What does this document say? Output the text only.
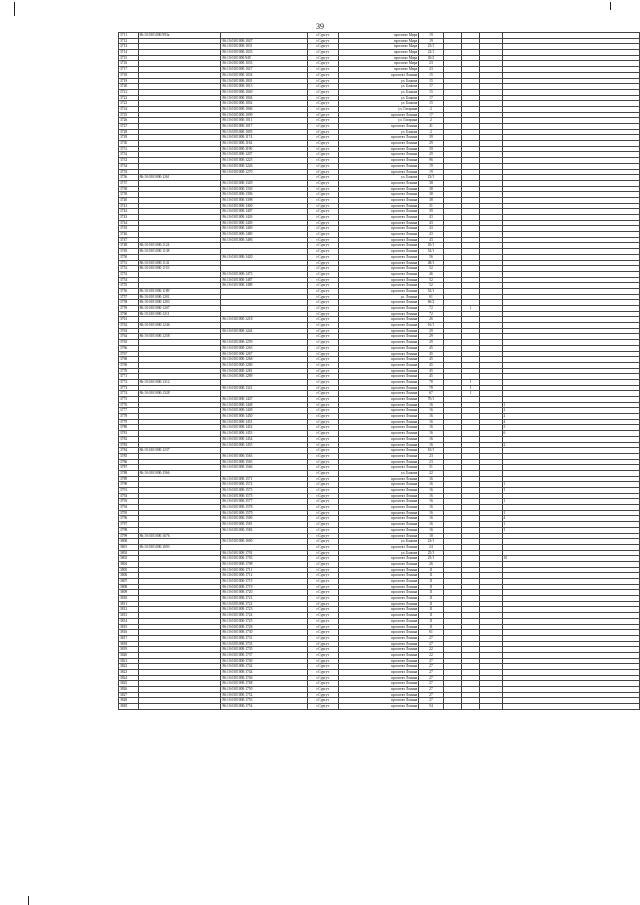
39
3711	86:10:0101000:993а		г.Сургут	проспект Мира	19				
3712		86:10:0101000:1047	г.Сургут	проспект Мира	19				
3713		86:10:0101000:1031	г.Сургут	проспект Мира	23/1				
3714		86:10:0101000:1033	г.Сургут	проспект Мира	23/1				
3715		86:10:0101000:949	г.Сургут	проспект Мира	45/2				
3716		86:10:0101000:1033	г.Сургут	проспект Мира	23				
3717		86:10:0101000:1027	г.Сургут	проспект Мира	23				
3718		86:10:0101000:1034	г.Сургут	проспект Ленина	15				
3719		86:10:0101000:1001	г.Сургут	ул. Бажова	15				
3720		86:10:0101000:1013	г.Сургут	ул. Бажова	17				
3721		86:10:0101000:1040	г.Сургут	ул. Бажова	15				
3722		86:10:0101000:1004	г.Сургут	ул. Бажова	17				
3723		86:10:0101000:1002	г.Сургут	ул. Бажова	15				
3724		86:10:0101000:1006	г.Сургут	ул. Гагарина	2				
3725		86:10:0101000:1009	г.Сургут	проспект Ленина	17				
3726		86:10:0101000:1011	г.Сургут	ул. Гагарина	2				
3727		86:10:0101000:1017	г.Сургут	проспект Ленина	41				
3728		86:10:0101000:1005	г.Сургут	ул. Бажова	2				
3729		86:10:0101000:1174	г.Сургут	проспект Ленина	39				
3730		86:10:0101000:1182	г.Сургут	проспект Ленина	29				
3731		86:10:0101000:1190	г.Сургут	проспект Ленина	39				
3732		86:10:0101000:1207	г.Сургут	проспект Ленина	29				
3733		86:10:0101000:1225	г.Сургут	проспект Ленина	96				
3734		86:10:0101000:1226	г.Сургут	проспект Ленина	19				
3735		86:10:0101000:1270	г.Сургут	проспект Ленина	19				
3736	86:10:0101000:1261		г.Сургут	ул. Бажова	23/1				
3737		86:10:0101000:1329	г.Сургут	проспект Ленина	38				
3738		86:10:0101000:1330	г.Сургут	проспект Ленина	38				
3739		86:10:0101000:1396	г.Сургут	проспект Ленина	38				
3740		86:10:0101000:1398	г.Сургут	проспект Ленина	38				
3741		86:10:0101000:1400	г.Сургут	проспект Ленина	31				
3742		86:10:0101000:1407	г.Сургут	проспект Ленина	39				
3743		86:10:0101000:1426	г.Сургут	проспект Ленина	43				
3744		86:10:0101000:1449	г.Сургут	проспект Ленина	43				
3745		86:10:0101000:1469	г.Сургут	проспект Ленина	43				
3746		86:10:0101000:1480	г.Сургут	проспект Ленина	43				
3747		86:10:0101000:1486	г.Сургут	проспект Ленина	43				
3748	86:10:0101000:1124		г.Сургут	проспект Ленина	45/1				
3749	86:10:0101000:1138		г.Сургут	проспект Ленина	52/1				
3750		86:10:0101000:1420	г.Сургут	проспект Ленина	56				
3751	86:10:0101000:1141		г.Сургут	проспект Ленина	48/1				
3752	86:10:0101000:1153		г.Сургут	проспект Ленина	52				
3753		86:10:0101000:1473	г.Сургут	проспект Ленина	46				
3754		86:10:0101000:1487	г.Сургут	проспект Ленина	52				
3755		86:10:0101000:1488	г.Сургут	проспект Ленина	52				
3756	86:10:0101000:1189		г.Сургут	проспект Ленина	52/1				
3757	86:10:0101000:1201		г.Сургут	ул. Ленина	61				
3758	86:10:0101000:1203		г.Сургут	проспект Ленина	60/2				
3759	86:10:0101000:1207		г.Сургут	проспект Ленина	72		1		
3760	86:10:0101000:1211		г.Сургут	проспект Ленина	72				
3761		86:10:0101000:1218	г.Сургут	проспект Ленина	26				
3762	86:10:0101000:1246		г.Сургут	проспект Ленина	16/1				
3763		86:10:0101000:1244	г.Сургут	проспект Ленина	29				
3764	86:10:0101000:1258		г.Сургут	проспект Ленина	29				
3765		86:10:0101000:1259	г.Сургут	проспект Ленина	29				
3766		86:10:0101000:1263	г.Сургут	проспект Ленина	45				
3767		86:10:0101000:1267	г.Сургут	проспект Ленина	45				
3768		86:10:0101000:1268	г.Сургут	проспект Ленина	45				
3769		86:10:0101000:1280	г.Сургут	проспект Ленина	45				
3770		86:10:0101000:1281	г.Сургут	проспект Ленина	45				
3771		86:10:0101000:1289	г.Сургут	проспект Ленина	45				
3772	86:10:0101000:1312		г.Сургут	проспект Ленина	78		1		
3773		86:10:0101000:1321	г.Сургут	проспект Ленина	78		1		
3774	86:10:0101000:1328		г.Сургут	проспект Ленина	67		1		
3775		86:10:0101000:1447	г.Сургут	проспект Ленина	70/1				
3776		86:10:0101000:1448	г.Сургут	проспект Ленина	16				1
3777		86:10:0101000:1449	г.Сургут	проспект Ленина	16				2
3778		86:10:0101000:1450	г.Сургут	проспект Ленина	16				2
3779		86:10:0101000:1451	г.Сургут	проспект Ленина	16				4
3780		86:10:0101000:1452	г.Сургут	проспект Ленина	16				5
3781		86:10:0101000:1453	г.Сургут	проспект Ленина	16				6
3782		86:10:0101000:1454	г.Сургут	проспект Ленина	16				
3783		86:10:0101000:1455	г.Сургут	проспект Ленина	16				2
3784	86:10:0101000:1237		г.Сургут	проспект Ленина	10/1				
3785		86:10:0101000:1563	г.Сургут	проспект Ленина	23				
3786		86:10:0101000:1565	г.Сургут	проспект Ленина	23				
3787		86:10:0101000:1566	г.Сургут	проспект Ленина	51				
3788	86:10:0101000:1566		г.Сургут	ул. Бажова	22				
3789		86:10:0101000:1571	г.Сургут	проспект Ленина	16				
3790		86:10:0101000:1572	г.Сургут	проспект Ленина	16				1
3791		86:10:0101000:1573	г.Сургут	проспект Ленина	16				1
3792		86:10:0101000:1575	г.Сургут	проспект Ленина	16				
3793		86:10:0101000:1577	г.Сургут	проспект Ленина	16				1
3794		86:10:0101000:1578	г.Сургут	проспект Ленина	16				
3795		86:10:0101000:1579	г.Сургут	проспект Ленина	16				1
3796		86:10:0101000:1580	г.Сургут	проспект Ленина	16				4
3797		86:10:0101000:1581	г.Сургут	проспект Ленина	16				1
3798		86:10:0101000:1582	г.Сургут	проспект Ленина	16				1
3799	86:10:0101000:1676		г.Сургут	проспект Ленина	18				
3800		86:10:0101000:1690	г.Сургут	ул. Бажова	23/1				
3801	86:10:0101000:1693		г.Сургут	проспект Ленина	24				
3802		86:10:0101000:1701	г.Сургут	ул. Бажова	25/1				
3803		86:10:0101000:1703	г.Сургут	проспект Ленина	25/1				10
3804		86:10:0101000:1708	г.Сургут	проспект Ленина	26				
3805		86:10:0101000:1711	г.Сургут	проспект Ленина	11				
3806		86:10:0101000:1712	г.Сургут	проспект Ленина	11				
3807		86:10:0101000:1715	г.Сургут	проспект Ленина	11				
3808		86:10:0101000:1719	г.Сургут	проспект Ленина	11				
3809		86:10:0101000:1720	г.Сургут	проспект Ленина	11				
3810		86:10:0101000:1721	г.Сургут	проспект Ленина	11				
3811		86:10:0101000:1722	г.Сургут	проспект Ленина	11				
3812		86:10:0101000:1723	г.Сургут	проспект Ленина	11				
3813		86:10:0101000:1724	г.Сургут	проспект Ленина	11				
3814		86:10:0101000:1725	г.Сургут	проспект Ленина	11				
3815		86:10:0101000:1726	г.Сургут	проспект Ленина	11				
3816		86:10:0101000:1730	г.Сургут	проспект Ленина	61				
3817		86:10:0101000:1731	г.Сургут	проспект Ленина	27				
3818		86:10:0101000:1733	г.Сургут	проспект Ленина	27				
3819		86:10:0101000:1735	г.Сургут	проспект Ленина	22				
3820		86:10:0101000:1737	г.Сургут	проспект Ленина	22				
3821		86:10:0101000:1740	г.Сургут	проспект Ленина	27				
3822		86:10:0101000:1742	г.Сургут	проспект Ленина	27				
3823		86:10:0101000:1744	г.Сургут	проспект Ленина	27				
3824		86:10:0101000:1746	г.Сургут	проспект Ленина	27				
3825		86:10:0101000:1748	г.Сургут	проспект Ленина	27				
3826		86:10:0101000:1750	г.Сургут	проспект Ленина	27				
3827		86:10:0101000:1752	г.Сургут	проспект Ленина	27				
3828		86:10:0101000:1753	г.Сургут	проспект Ленина	27				
3829		86:10:0101000:1754	г.Сургут	проспект Ленина	54				
